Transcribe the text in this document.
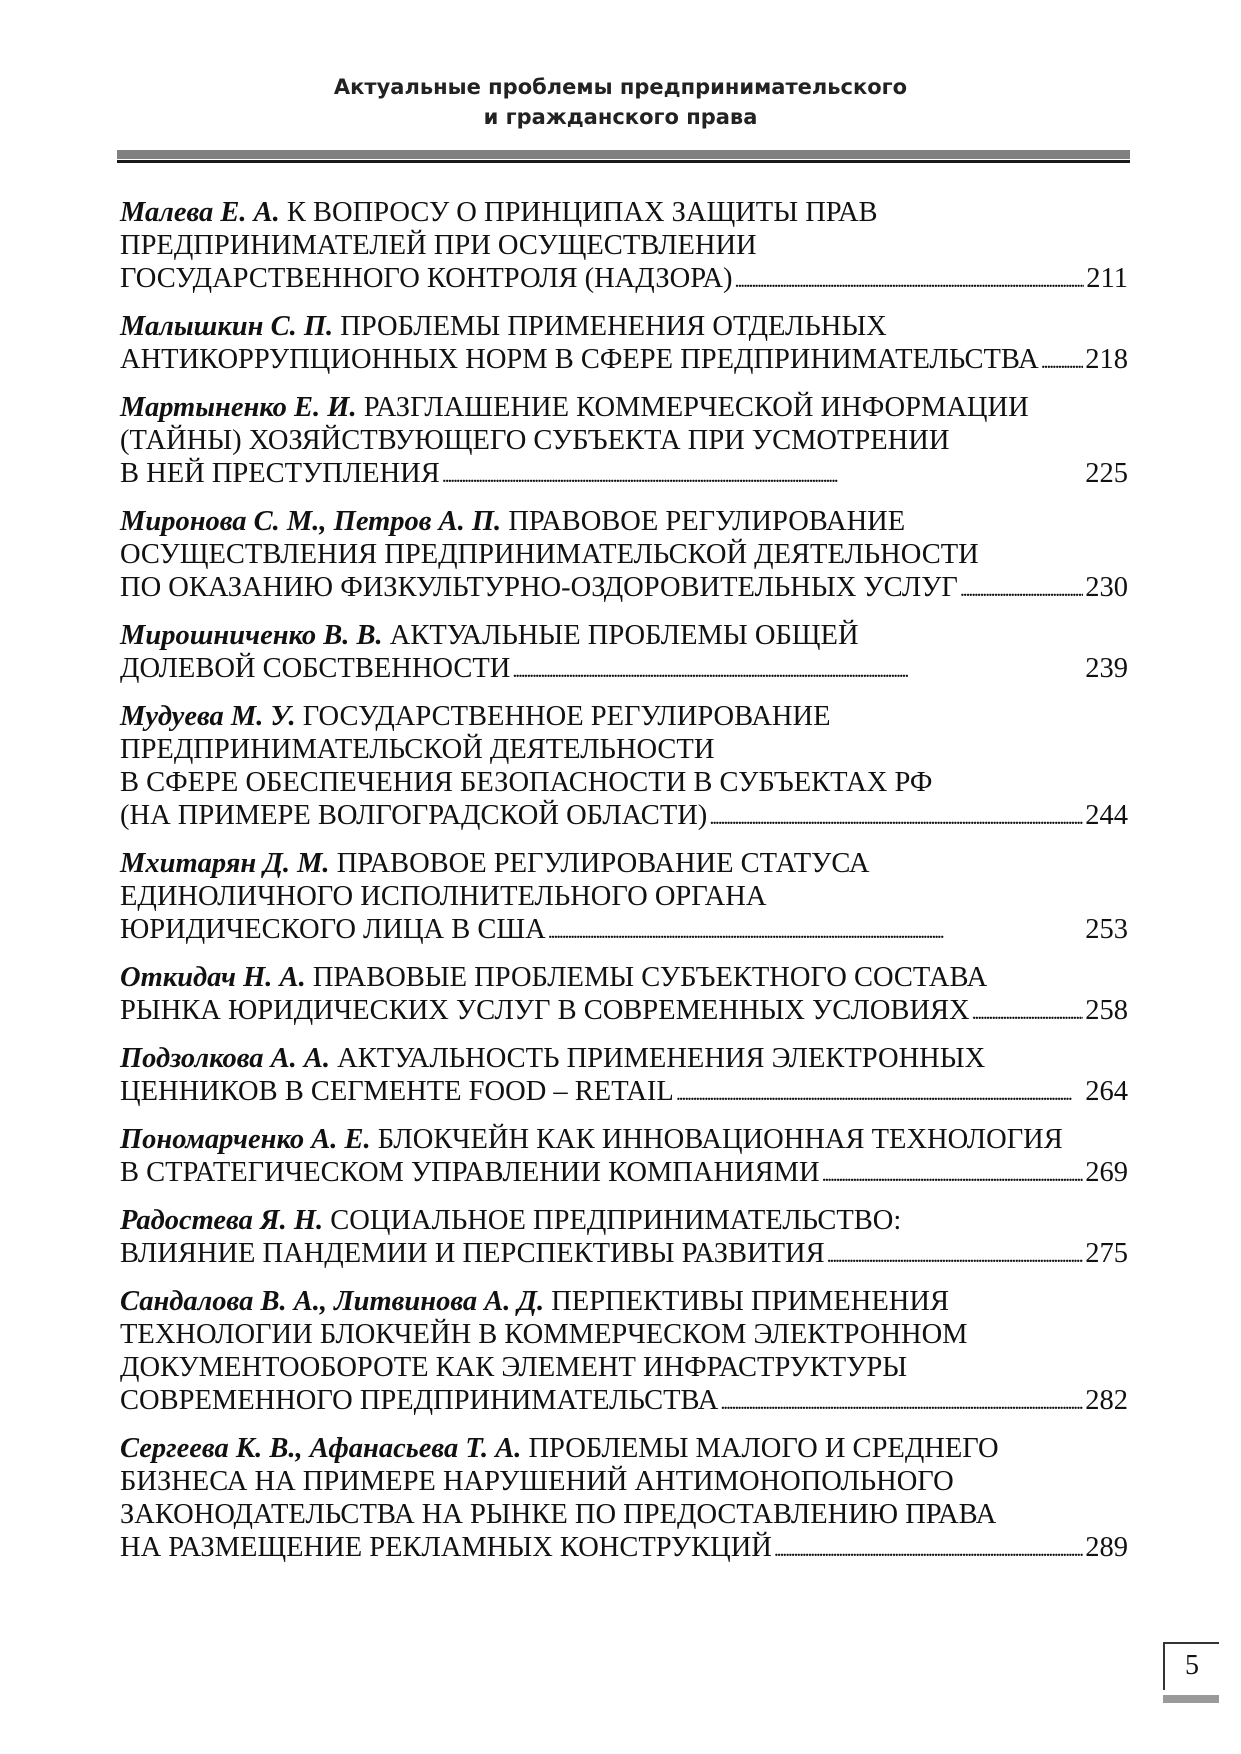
Актуальные проблемы предпринимательского
и гражданского права
Малева Е. А. К ВОПРОСУ О ПРИНЦИПАХ ЗАЩИТЫ ПРАВ
ПРЕДПРИНИМАТЕЛЕЙ ПРИ ОСУЩЕСТВЛЕНИИ
ГОСУДАРСТВЕННОГО КОНТРОЛЯ (НАДЗОРА) . . .	211
Малышкин С. П. ПРОБЛЕМЫ ПРИМЕНЕНИЯ ОТДЕЛЬНЫХ
АНТИКОРРУПЦИОННЫХ НОРМ В СФЕРЕ ПРЕДПРИНИМАТЕЛЬСТВА . . . 218
Мартыненко Е. И. РАЗГЛАШЕНИЕ КОММЕРЧЕСКОЙ ИНФОРМАЦИИ
(ТАЙНЫ) ХОЗЯЙСТВУЮЩЕГО СУБЪЕКТА ПРИ УСМОТРЕНИИ
В НЕЙ ПРЕСТУПЛЕНИЯ . . .	225
Миронова С. М., Петров А. П. ПРАВОВОЕ РЕГУЛИРОВАНИЕ
ОСУЩЕСТВЛЕНИЯ ПРЕДПРИНИМАТЕЛЬСКОЙ ДЕЯТЕЛЬНОСТИ
ПО ОКАЗАНИЮ ФИЗКУЛЬТУРНО-ОЗДОРОВИТЕЛЬНЫХ УСЛУГ . . .	230
Мирошниченко В. В. АКТУАЛЬНЫЕ ПРОБЛЕМЫ ОБЩЕЙ
ДОЛЕВОЙ СОБСТВЕННОСТИ . . .	239
Мудуева М. У. ГОСУДАРСТВЕННОЕ РЕГУЛИРОВАНИЕ
ПРЕДПРИНИМАТЕЛЬСКОЙ ДЕЯТЕЛЬНОСТИ
В СФЕРЕ ОБЕСПЕЧЕНИЯ БЕЗОПАСНОСТИ В СУБЪЕКТАХ РФ
(НА ПРИМЕРЕ ВОЛГОГРАДСКОЙ ОБЛАСТИ) . . .	244
Мхитарян Д. М. ПРАВОВОЕ РЕГУЛИРОВАНИЕ СТАТУСА
ЕДИНОЛИЧНОГО ИСПОЛНИТЕЛЬНОГО ОРГАНА
ЮРИДИЧЕСКОГО ЛИЦА В США . . .	253
Откидач Н. А. ПРАВОВЫЕ ПРОБЛЕМЫ СУБЪЕКТНОГО СОСТАВА
РЫНКА ЮРИДИЧЕСКИХ УСЛУГ В СОВРЕМЕННЫХ УСЛОВИЯХ . . .	258
Подзолкова А. А. АКТУАЛЬНОСТЬ ПРИМЕНЕНИЯ ЭЛЕКТРОННЫХ
ЦЕННИКОВ В СЕГМЕНТЕ FOOD – RETAIL . . .	264
Пономарченко А. Е. БЛОКЧЕЙН КАК ИННОВАЦИОННАЯ ТЕХНОЛОГИЯ
В СТРАТЕГИЧЕСКОМ УПРАВЛЕНИИ КОМПАНИЯМИ . . .	269
Радостева Я. Н. СОЦИАЛЬНОЕ ПРЕДПРИНИМАТЕЛЬСТВО:
ВЛИЯНИЕ ПАНДЕМИИ И ПЕРСПЕКТИВЫ РАЗВИТИЯ . . .	275
Сандалова В. А., Литвинова А. Д. ПЕРПЕКТИВЫ ПРИМЕНЕНИЯ
ТЕХНОЛОГИИ БЛОКЧЕЙН В КОММЕРЧЕСКОМ ЭЛЕКТРОННОМ
ДОКУМЕНТООБОРОТЕ КАК ЭЛЕМЕНТ ИНФРАСТРУКТУРЫ
СОВРЕМЕННОГО ПРЕДПРИНИМАТЕЛЬСТВА . . .	282
Сергеева К. В., Афанасьева Т. А. ПРОБЛЕМЫ МАЛОГО И СРЕДНЕГО
БИЗНЕСА НА ПРИМЕРЕ НАРУШЕНИЙ АНТИМОНОПОЛЬНОГО
ЗАКОНОДАТЕЛЬСТВА НА РЫНКЕ ПО ПРЕДОСТАВЛЕНИЮ ПРАВА
НА РАЗМЕЩЕНИЕ РЕКЛАМНЫХ КОНСТРУКЦИЙ . . .	289
5
